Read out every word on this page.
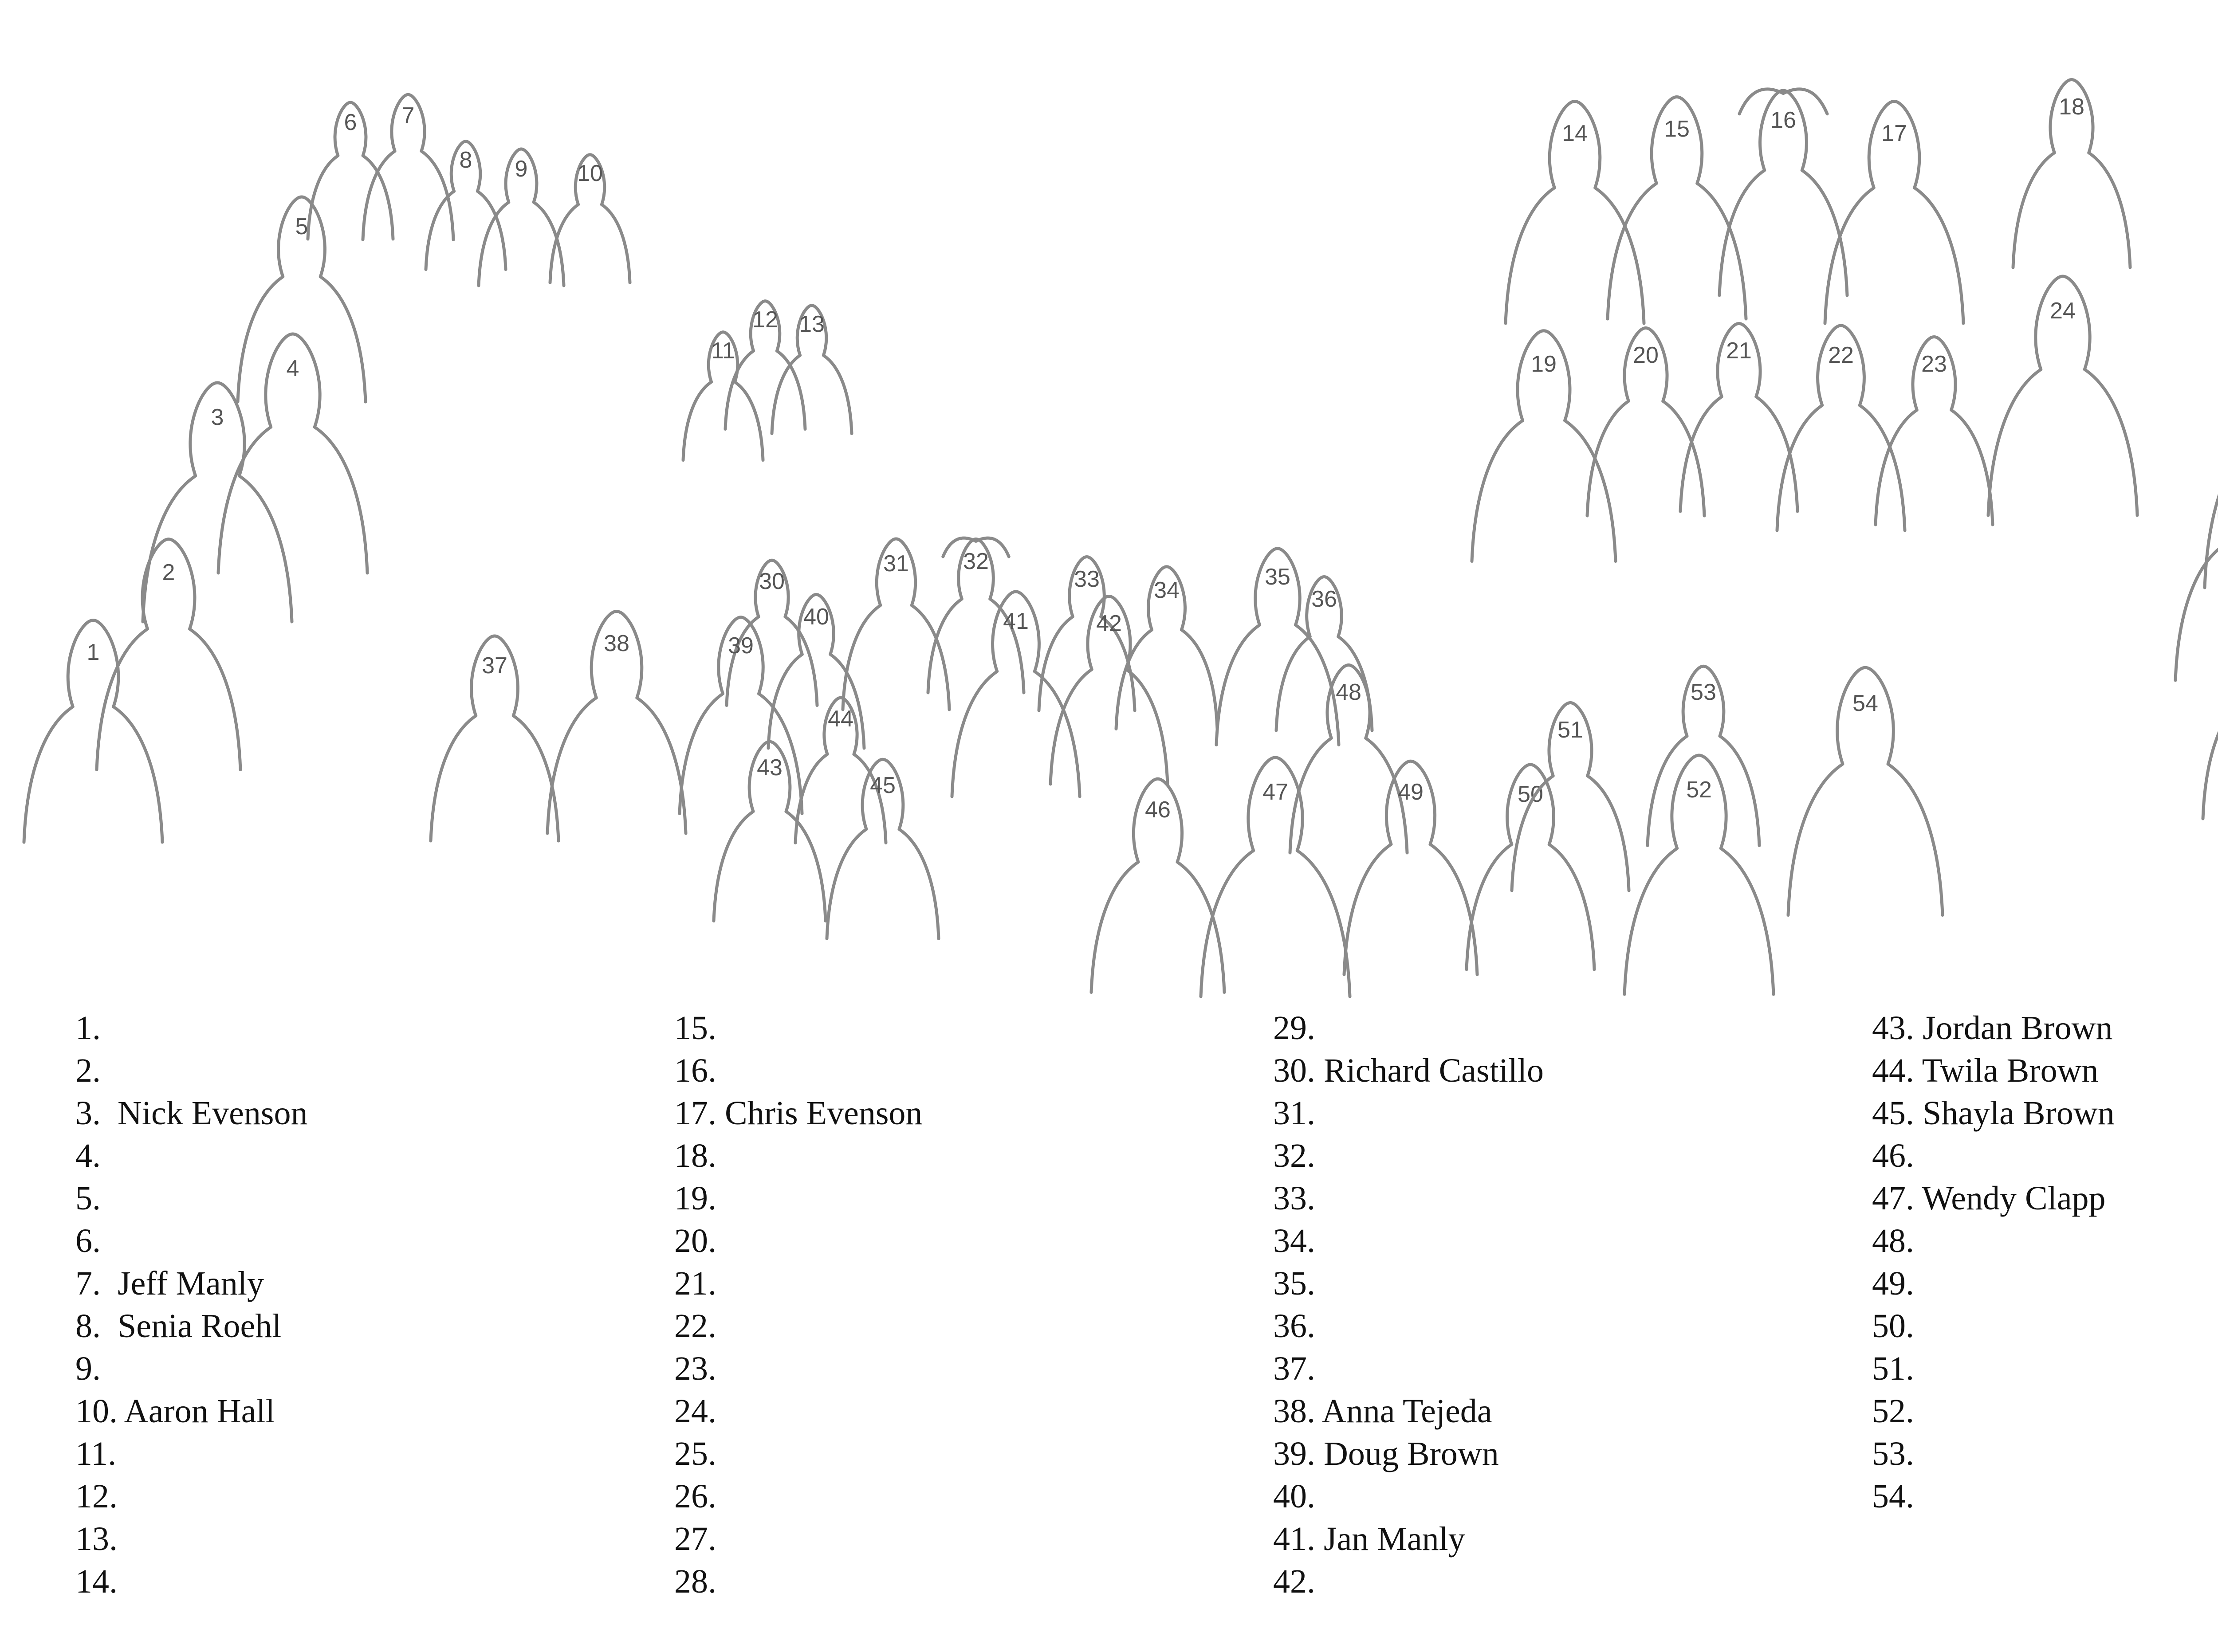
1
2
3
4
5
6 7
8 9 10
11
12 13
14	15	16
17
18
19	20	21	22	23
24
30
31 32
33 34
35
36
37
38	39
40	41	42
43
44
45
46
47
48
49	50
51
52
53	54
1.
2.
3.  Nick Evenson
4.
5.
6.
7.  Jeff Manly
8.  Senia Roehl
9.
10. Aaron Hall
11.
12.
13.
14.
15.
16.
17. Chris Evenson
18.
19.
20.
21.
22.
23.
24.
25.
26.
27.
28.
29.
30. Richard Castillo
31.
32.
33.
34.
35.
36.
37.
38. Anna Tejeda
39. Doug Brown
40.
41. Jan Manly
42.
43. Jordan Brown
44. Twila Brown
45. Shayla Brown
46.
47. Wendy Clapp
48.
49.
50.
51.
52.
53.
54.
